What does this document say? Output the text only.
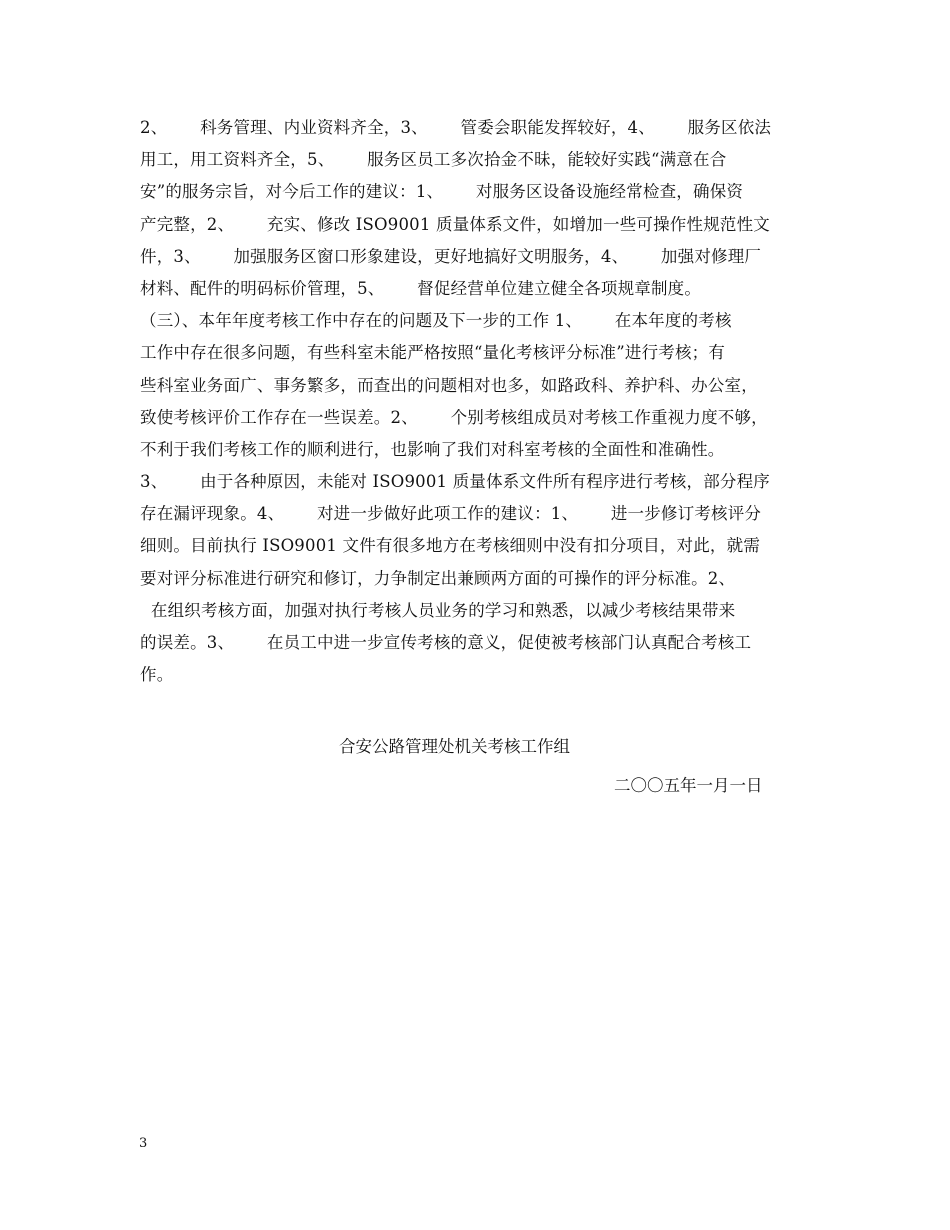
2、      科务管理、内业资料齐全，3、      管委会职能发挥较好，4、      服务区依法
用工，用工资料齐全，5、      服务区员工多次拾金不昧，能较好实践“满意在合
安”的服务宗旨，对今后工作的建议：1、      对服务区设备设施经常检查，确保资
产完整，2、      充实、修改 ISO9001 质量体系文件，如增加一些可操作性规范性文
件，3、      加强服务区窗口形象建设，更好地搞好文明服务，4、      加强对修理厂
材料、配件的明码标价管理，5、      督促经营单位建立健全各项规章制度。
（三）、本年年度考核工作中存在的问题及下一步的工作 1、      在本年度的考核
工作中存在很多问题，有些科室未能严格按照“量化考核评分标准”进行考核；有
些科室业务面广、事务繁多，而查出的问题相对也多，如路政科、养护科、办公室，
致使考核评价工作存在一些误差。2、      个别考核组成员对考核工作重视力度不够，
不利于我们考核工作的顺利进行，也影响了我们对科室考核的全面性和准确性。
3、      由于各种原因，未能对 ISO9001 质量体系文件所有程序进行考核，部分程序
存在漏评现象。4、      对进一步做好此项工作的建议：1、      进一步修订考核评分
细则。目前执行 ISO9001 文件有很多地方在考核细则中没有扣分项目，对此，就需
要对评分标准进行研究和修订，力争制定出兼顾两方面的可操作的评分标准。2、
在组织考核方面，加强对执行考核人员业务的学习和熟悉，以减少考核结果带来
的误差。3、      在员工中进一步宣传考核的意义，促使被考核部门认真配合考核工
作。
合安公路管理处机关考核工作组
二〇〇五年一月一日
3
